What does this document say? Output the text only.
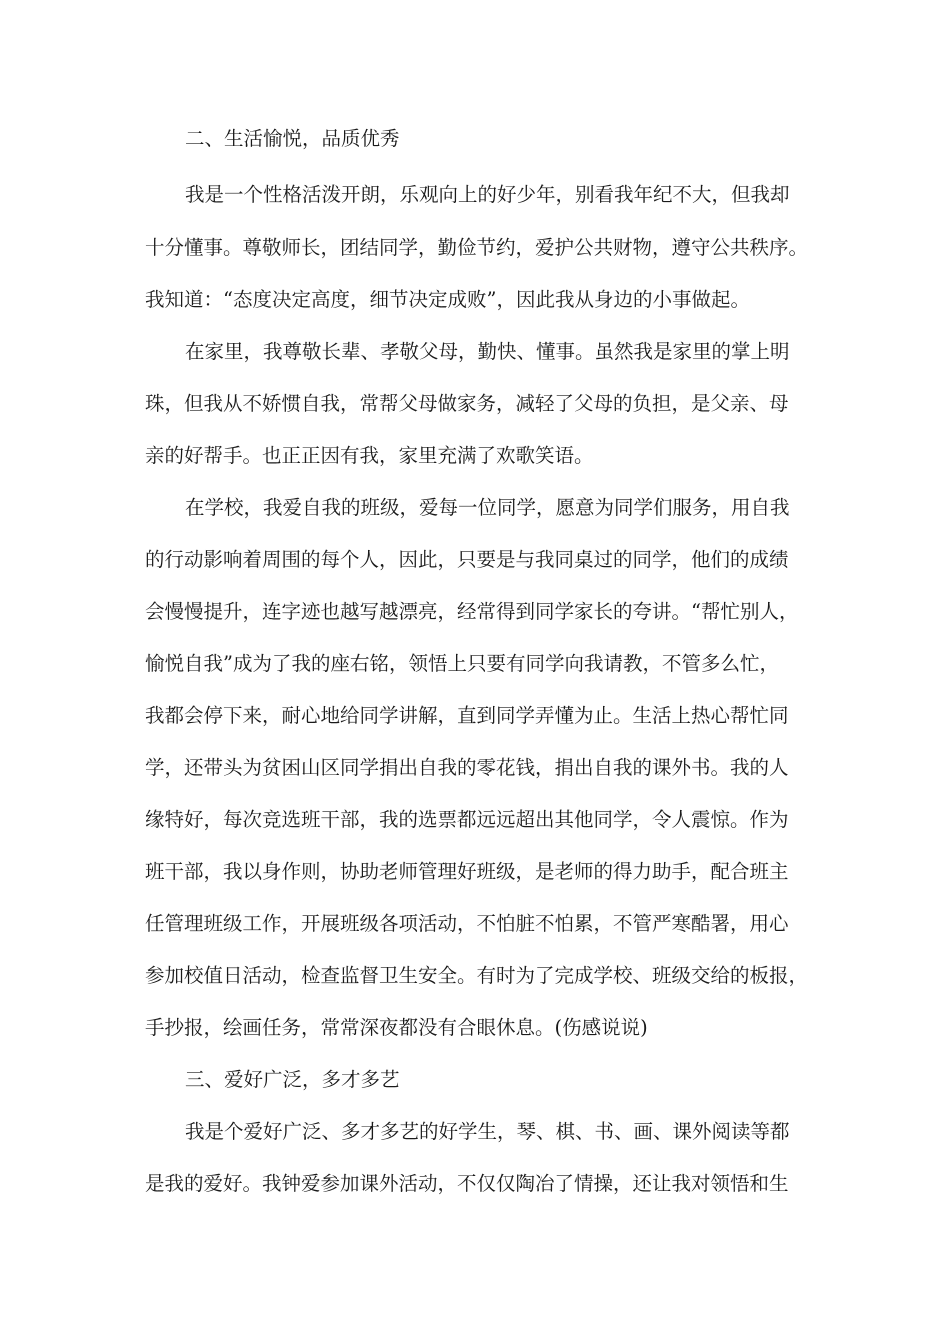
二、生活愉悦，品质优秀
我是一个性格活泼开朗，乐观向上的好少年，别看我年纪不大，但我却
十分懂事。尊敬师长，团结同学，勤俭节约，爱护公共财物，遵守公共秩序。
我知道：“态度决定高度，细节决定成败”，因此我从身边的小事做起。
在家里，我尊敬长辈、孝敬父母，勤快、懂事。虽然我是家里的掌上明
珠，但我从不娇惯自我，常帮父母做家务，减轻了父母的负担，是父亲、母
亲的好帮手。也正正因有我，家里充满了欢歌笑语。
在学校，我爱自我的班级，爱每一位同学，愿意为同学们服务，用自我
的行动影响着周围的每个人，因此，只要是与我同桌过的同学，他们的成绩
会慢慢提升，连字迹也越写越漂亮，经常得到同学家长的夸讲。“帮忙别人，
愉悦自我”成为了我的座右铭，领悟上只要有同学向我请教，不管多么忙，
我都会停下来，耐心地给同学讲解，直到同学弄懂为止。生活上热心帮忙同
学，还带头为贫困山区同学捐出自我的零花钱，捐出自我的课外书。我的人
缘特好，每次竞选班干部，我的选票都远远超出其他同学，令人震惊。作为
班干部，我以身作则，协助老师管理好班级，是老师的得力助手，配合班主
任管理班级工作，开展班级各项活动，不怕脏不怕累，不管严寒酷署，用心
参加校值日活动，检查监督卫生安全。有时为了完成学校、班级交给的板报，
手抄报，绘画任务，常常深夜都没有合眼休息。(伤感说说)
三、爱好广泛，多才多艺
我是个爱好广泛、多才多艺的好学生，琴、棋、书、画、课外阅读等都
是我的爱好。我钟爱参加课外活动，不仅仅陶冶了情操，还让我对领悟和生
